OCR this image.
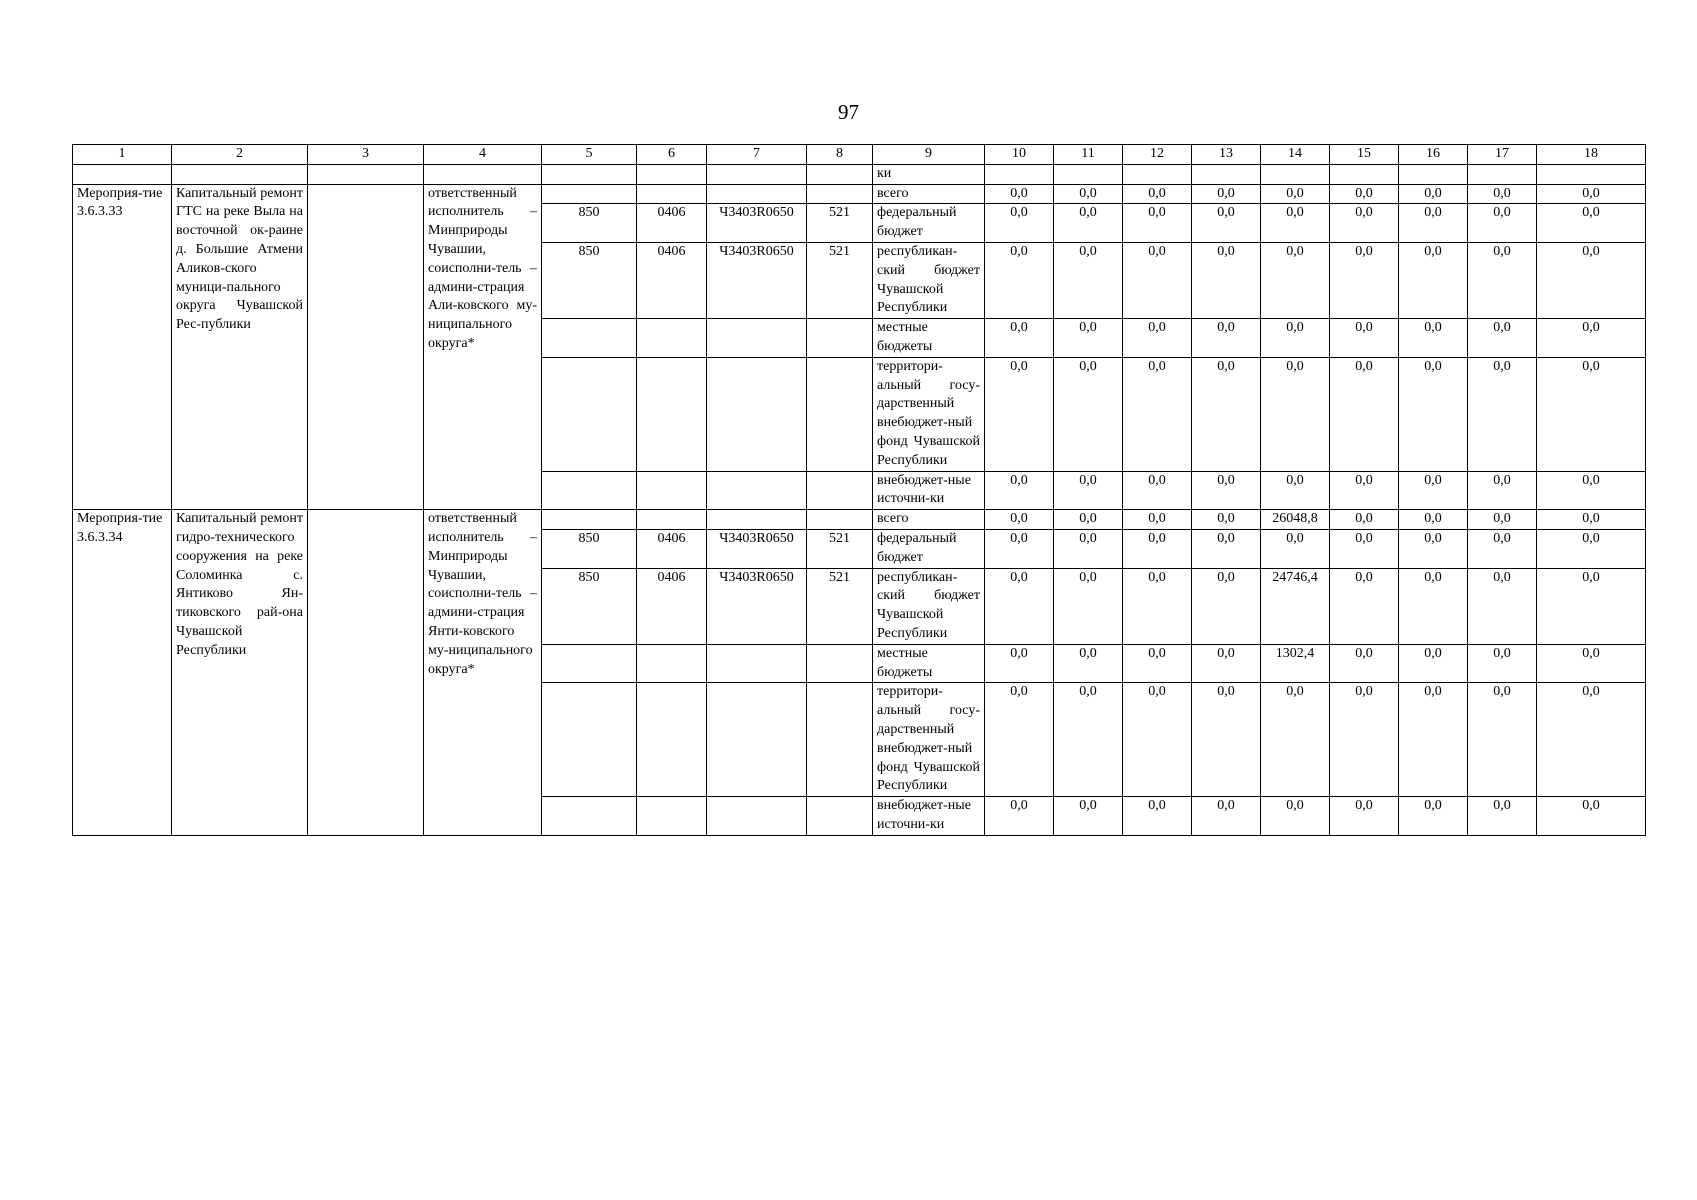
97
1	2	3	4	5	6	7	8	9	10	11	12	13	14	15	16	17	18
								ки									
Мероприя-тие 3.6.3.33	Капитальный ремонт ГТС на реке Выла на восточной ок-раине д. Большие Атмени Аликов-ского муници-пального округа Чувашской Рес-публики		ответственный исполнитель – Минприроды Чувашии, соисполни-тель – админи-страция Али-ковского му-ниципального округа*					всего	0,0	0,0	0,0	0,0	0,0	0,0	0,0	0,0	0,0
				850	0406	Ч3403R0650	521	федеральный бюджет	0,0	0,0	0,0	0,0	0,0	0,0	0,0	0,0	0,0
				850	0406	Ч3403R0650	521	республикан-ский бюджет Чувашской Республики	0,0	0,0	0,0	0,0	0,0	0,0	0,0	0,0	0,0
								местные бюджеты	0,0	0,0	0,0	0,0	0,0	0,0	0,0	0,0	0,0
								территори-альный госу-дарственный внебюджет-ный фонд Чувашской Республики	0,0	0,0	0,0	0,0	0,0	0,0	0,0	0,0	0,0
								внебюджет-ные источни-ки	0,0	0,0	0,0	0,0	0,0	0,0	0,0	0,0	0,0
Мероприя-тие 3.6.3.34	Капитальный ремонт гидро-технического сооружения на реке Соломинка с. Янтиково Ян-тиковского рай-она Чувашской Республики		ответственный исполнитель – Минприроды Чувашии, соисполни-тель – админи-страция Янти-ковского му-ниципального округа*					всего	0,0	0,0	0,0	0,0	26048,8	0,0	0,0	0,0	0,0
				850	0406	Ч3403R0650	521	федеральный бюджет	0,0	0,0	0,0	0,0	0,0	0,0	0,0	0,0	0,0
				850	0406	Ч3403R0650	521	республикан-ский бюджет Чувашской Республики	0,0	0,0	0,0	0,0	24746,4	0,0	0,0	0,0	0,0
								местные бюджеты	0,0	0,0	0,0	0,0	1302,4	0,0	0,0	0,0	0,0
								территори-альный госу-дарственный внебюджет-ный фонд Чувашской Республики	0,0	0,0	0,0	0,0	0,0	0,0	0,0	0,0	0,0
								внебюджет-ные источни-ки	0,0	0,0	0,0	0,0	0,0	0,0	0,0	0,0	0,0
